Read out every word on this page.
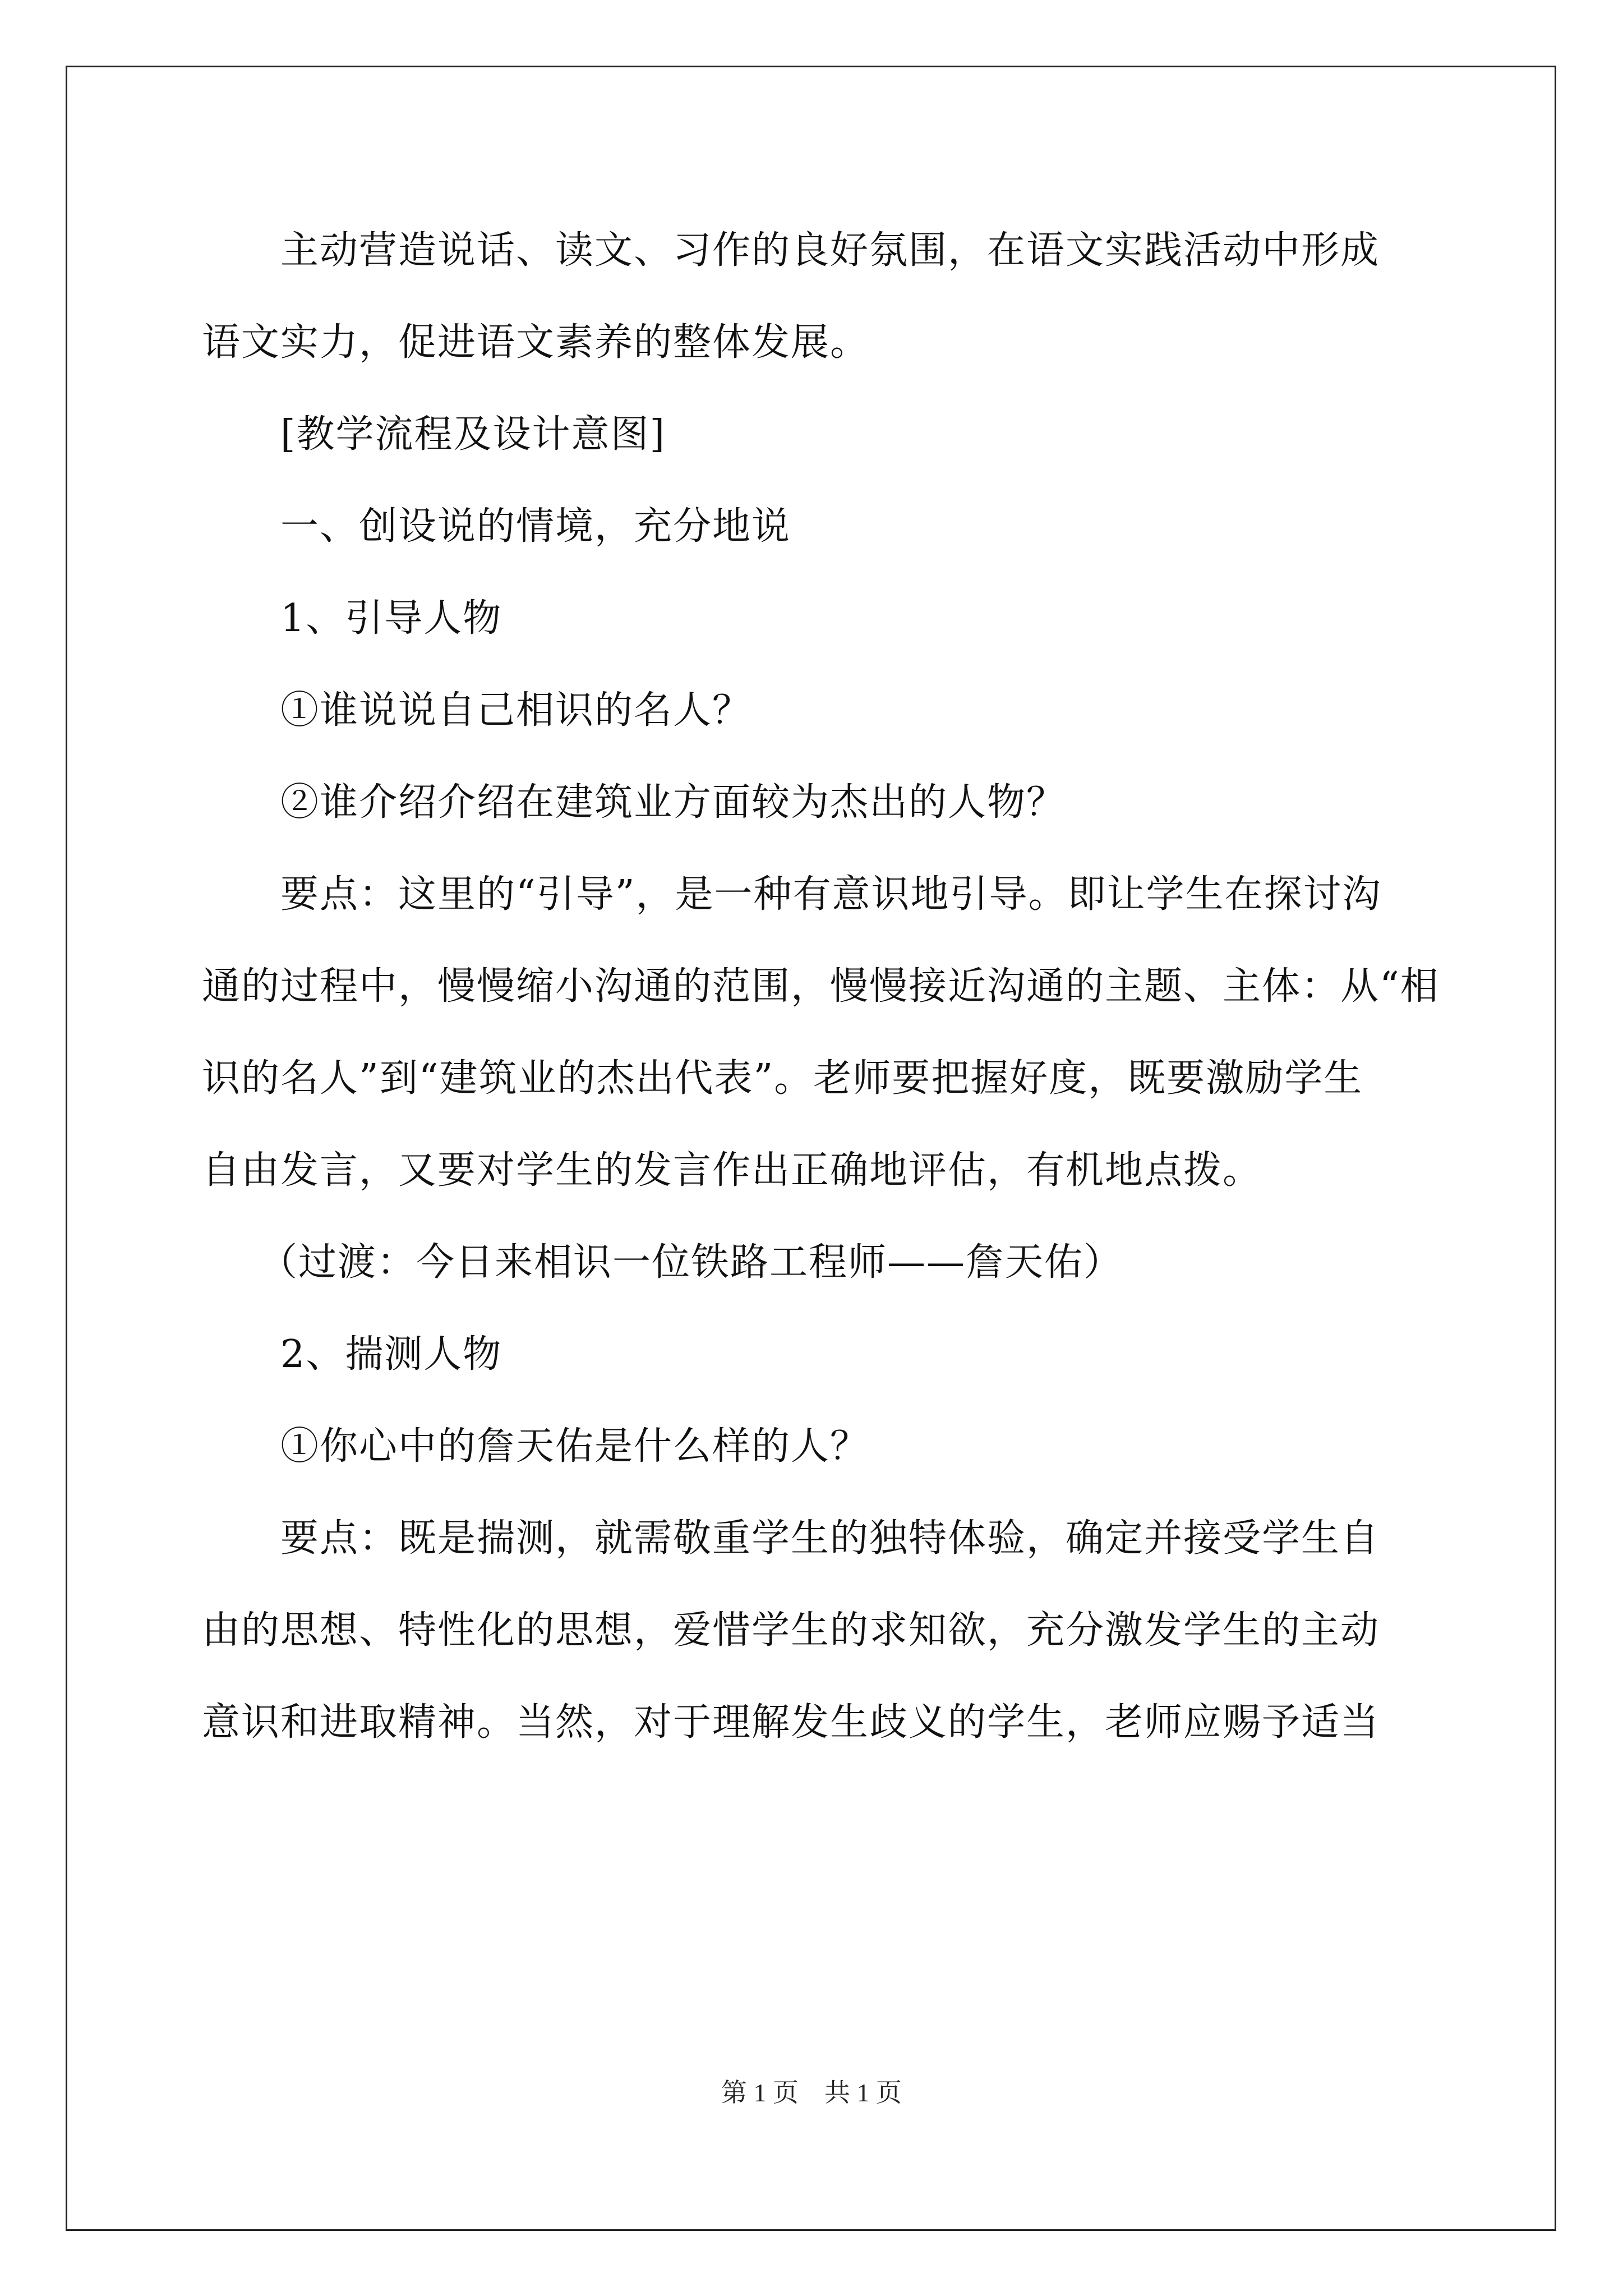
主动营造说话、读文、习作的良好氛围，在语文实践活动中形成
语文实力，促进语文素养的整体发展。
[教学流程及设计意图]
一、创设说的情境，充分地说
1、引导人物
①谁说说自己相识的名人？
②谁介绍介绍在建筑业方面较为杰出的人物？
要点：这里的“引导”，是一种有意识地引导。即让学生在探讨沟
通的过程中，慢慢缩小沟通的范围，慢慢接近沟通的主题、主体：从“相
识的名人”到“建筑业的杰出代表”。老师要把握好度，既要激励学生
自由发言，又要对学生的发言作出正确地评估，有机地点拨。
（过渡：今日来相识一位铁路工程师——詹天佑）
2、揣测人物
①你心中的詹天佑是什么样的人？
要点：既是揣测，就需敬重学生的独特体验，确定并接受学生自
由的思想、特性化的思想，爱惜学生的求知欲，充分激发学生的主动
意识和进取精神。当然，对于理解发生歧义的学生，老师应赐予适当
第 1 页 共 1 页
